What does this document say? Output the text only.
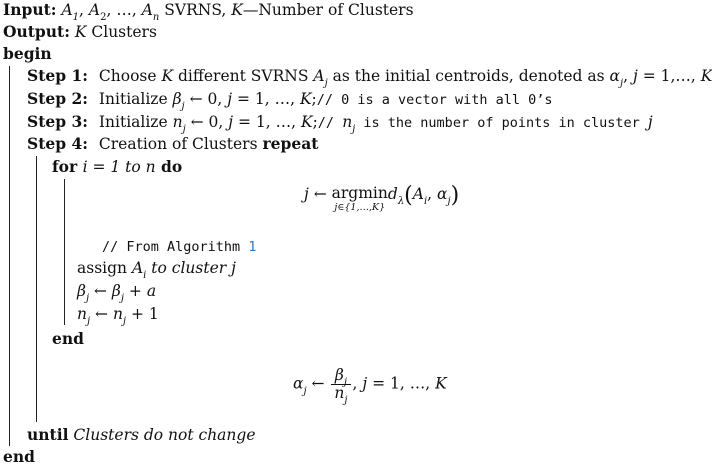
Input: $A_1$, $A_2$, …, $A_n$ SVRNS, K—Number of Clusters
Output: K Clusters
begin
Step 1: Choose K different SVRNS $A_j$ as the initial centroids, denoted as $\alpha_j$, j = 1,…, K
Step 2: Initialize $\beta_j$ ← 0, j = 1, …, K;// 0 is a vector with all 0’s
Step 3: Initialize $n_j$ ← 0, j = 1, …, K;// $n_j$ is the number of points in cluster j
Step 4: Creation of Clusters repeat
for i = 1 to n do
j ← argmin
j∈{1,…,K}
$d_\lambda(A_i$, $\alpha_j$)
// From Algorithm 1
assign $A_i$ to cluster j
$\beta_j$ ← $\beta_j + a$
$n_j$ ← $n_j + 1$
end
$\alpha_j$ ← $\frac{\beta_j}{n_j}$ , j = 1, …, K
until Clusters do not change
end
